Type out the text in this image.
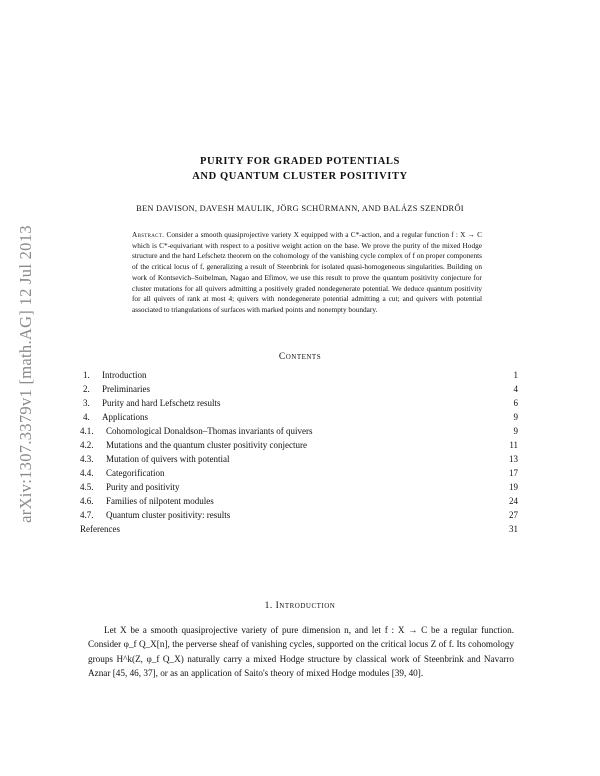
arXiv:1307.3379v1 [math.AG] 12 Jul 2013
PURITY FOR GRADED POTENTIALS
AND QUANTUM CLUSTER POSITIVITY
BEN DAVISON, DAVESH MAULIK, JÖRG SCHÜRMANN, AND BALÁZS SZENDRŐI
Abstract. Consider a smooth quasiprojective variety X equipped with a C*-action, and a regular function f : X → C which is C*-equivariant with respect to a positive weight action on the base. We prove the purity of the mixed Hodge structure and the hard Lefschetz theorem on the cohomology of the vanishing cycle complex of f on proper components of the critical locus of f, generalizing a result of Steenbrink for isolated quasi-homogeneous singularities. Building on work of Kontsevich–Soibelman, Nagao and Efimov, we use this result to prove the quantum positivity conjecture for cluster mutations for all quivers admitting a positively graded nondegenerate potential. We deduce quantum positivity for all quivers of rank at most 4; quivers with nondegenerate potential admitting a cut; and quivers with potential associated to triangulations of surfaces with marked points and nonempty boundary.
Contents
1. Introduction	1
2. Preliminaries	4
3. Purity and hard Lefschetz results	6
4. Applications	9
4.1. Cohomological Donaldson–Thomas invariants of quivers	9
4.2. Mutations and the quantum cluster positivity conjecture	11
4.3. Mutation of quivers with potential	13
4.4. Categorification	17
4.5. Purity and positivity	19
4.6. Families of nilpotent modules	24
4.7. Quantum cluster positivity: results	27
References	31
1. Introduction
Let X be a smooth quasiprojective variety of pure dimension n, and let f : X → C be a regular function. Consider φ_f Q_X[n], the perverse sheaf of vanishing cycles, supported on the critical locus Z of f. Its cohomology groups H^k(Z, φ_f Q_X) naturally carry a mixed Hodge structure by classical work of Steenbrink and Navarro Aznar [45, 46, 37], or as an application of Saito's theory of mixed Hodge modules [39, 40].
